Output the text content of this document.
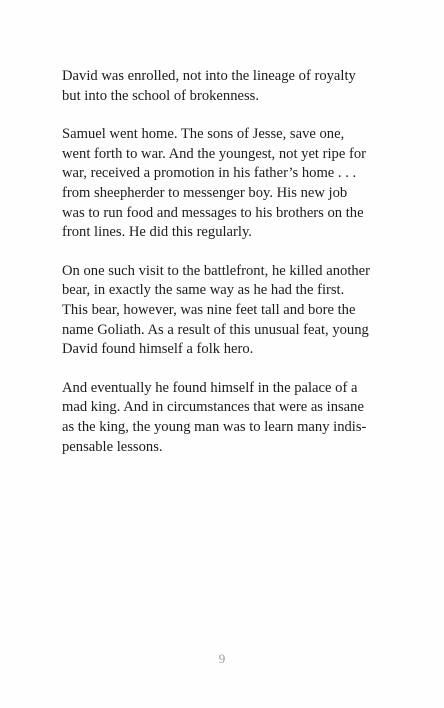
David was enrolled, not into the lineage of royalty
but into the school of brokenness.

Samuel went home. The sons of Jesse, save one,
went forth to war. And the youngest, not yet ripe for
war, received a promotion in his father’s home . . .
from sheepherder to messenger boy. His new job
was to run food and messages to his brothers on the
front lines. He did this regularly.

On one such visit to the battlefront, he killed another
bear, in exactly the same way as he had the first.
This bear, however, was nine feet tall and bore the
name Goliath. As a result of this unusual feat, young
David found himself a folk hero.

And eventually he found himself in the palace of a
mad king. And in circumstances that were as insane
as the king, the young man was to learn many indis-
pensable lessons.

9
